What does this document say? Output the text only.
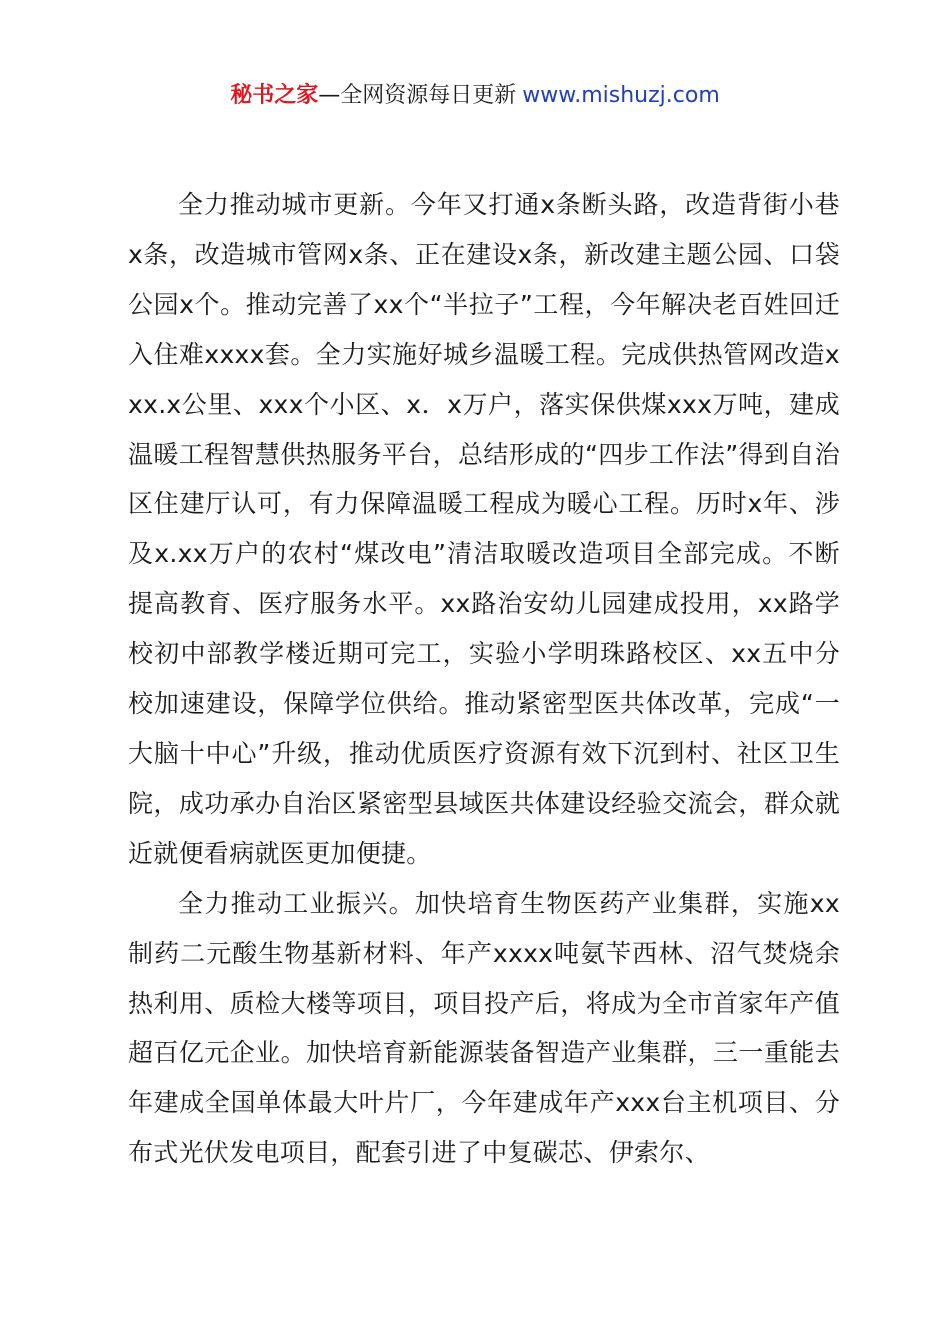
秘书之家—全网资源每日更新 www.mishuzj.com

全力推动城市更新。今年又打通x条断头路，改造背街小巷x条，改造城市管网x条、正在建设x条，新改建主题公园、口袋公园x个。推动完善了xx个“半拉子”工程，今年解决老百姓回迁入住难xxxx套。全力实施好城乡温暖工程。完成供热管网改造xxx.x公里、xxx个小区、x．x万户，落实保供煤xxx万吨，建成温暖工程智慧供热服务平台，总结形成的“四步工作法”得到自治区住建厅认可，有力保障温暖工程成为暖心工程。历时x年、涉及x.xx万户的农村“煤改电”清洁取暖改造项目全部完成。不断提高教育、医疗服务水平。xx路治安幼儿园建成投用，xx路学校初中部教学楼近期可完工，实验小学明珠路校区、xx五中分校加速建设，保障学位供给。推动紧密型医共体改革，完成“一大脑十中心”升级，推动优质医疗资源有效下沉到村、社区卫生院，成功承办自治区紧密型县域医共体建设经验交流会，群众就近就便看病就医更加便捷。

全力推动工业振兴。加快培育生物医药产业集群，实施xx制药二元酸生物基新材料、年产xxxx吨氨苄西林、沼气焚烧余热利用、质检大楼等项目，项目投产后，将成为全市首家年产值超百亿元企业。加快培育新能源装备智造产业集群，三一重能去年建成全国单体最大叶片厂，今年建成年产xxx台主机项目、分布式光伏发电项目，配套引进了中复碳芯、伊索尔、
